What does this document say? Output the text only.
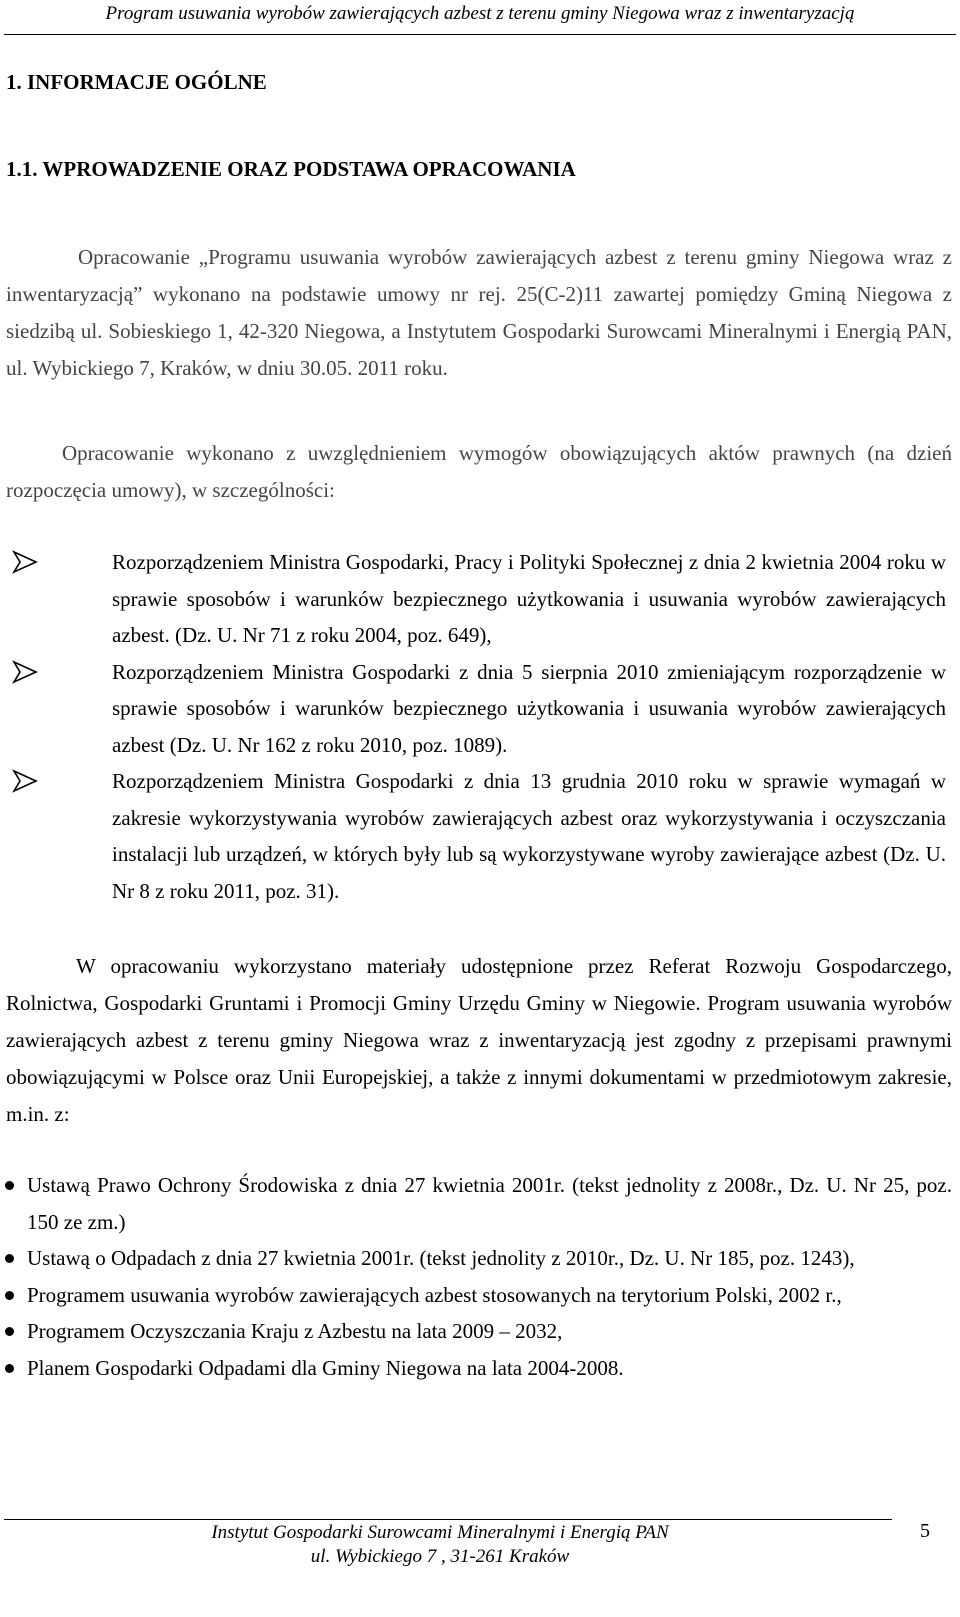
Program usuwania wyrobów zawierających azbest z terenu gminy Niegowa wraz z inwentaryzacją
1. INFORMACJE OGÓLNE
1.1. WPROWADZENIE ORAZ PODSTAWA OPRACOWANIA
Opracowanie „Programu usuwania wyrobów zawierających azbest z terenu gminy Niegowa wraz z inwentaryzacją” wykonano na podstawie umowy nr rej. 25(C-2)11 zawartej pomiędzy Gminą Niegowa z siedzibą ul. Sobieskiego 1, 42-320 Niegowa, a Instytutem Gospodarki Surowcami Mineralnymi i Energią PAN, ul. Wybickiego 7, Kraków, w dniu 30.05. 2011 roku.
Opracowanie wykonano z uwzględnieniem wymogów obowiązujących aktów prawnych (na dzień rozpoczęcia umowy), w szczególności:
Rozporządzeniem Ministra Gospodarki, Pracy i Polityki Społecznej z dnia 2 kwietnia 2004 roku w sprawie sposobów i warunków bezpiecznego użytkowania i usuwania wyrobów zawierających azbest. (Dz. U. Nr 71 z roku 2004, poz. 649),
Rozporządzeniem Ministra Gospodarki z dnia 5 sierpnia 2010 zmieniającym rozporządzenie w sprawie sposobów i warunków bezpiecznego użytkowania i usuwania wyrobów zawierających azbest (Dz. U. Nr 162 z roku 2010, poz. 1089).
Rozporządzeniem Ministra Gospodarki z dnia 13 grudnia 2010 roku w sprawie wymagań w zakresie wykorzystywania wyrobów zawierających azbest oraz wykorzystywania i oczyszczania instalacji lub urządzeń, w których były lub są wykorzystywane wyroby zawierające azbest (Dz. U. Nr 8 z roku 2011, poz. 31).
W opracowaniu wykorzystano materiały udostępnione przez Referat Rozwoju Gospodarczego, Rolnictwa, Gospodarki Gruntami i Promocji Gminy Urzędu Gminy w Niegowie. Program usuwania wyrobów zawierających azbest z terenu gminy Niegowa wraz z inwentaryzacją jest zgodny z przepisami prawnymi obowiązującymi w Polsce oraz Unii Europejskiej, a także z innymi dokumentami w przedmiotowym zakresie, m.in. z:
Ustawą Prawo Ochrony Środowiska z dnia 27 kwietnia 2001r. (tekst jednolity z 2008r., Dz. U. Nr 25, poz. 150 ze zm.)
Ustawą o Odpadach z dnia 27 kwietnia 2001r. (tekst jednolity z 2010r., Dz. U. Nr 185, poz. 1243),
Programem usuwania wyrobów zawierających azbest stosowanych na terytorium Polski, 2002 r.,
Programem Oczyszczania Kraju z Azbestu na lata 2009 – 2032,
Planem Gospodarki Odpadami dla Gminy Niegowa na lata 2004-2008.
Instytut Gospodarki Surowcami Mineralnymi i Energią PAN
ul. Wybickiego 7 , 31-261 Kraków
5
